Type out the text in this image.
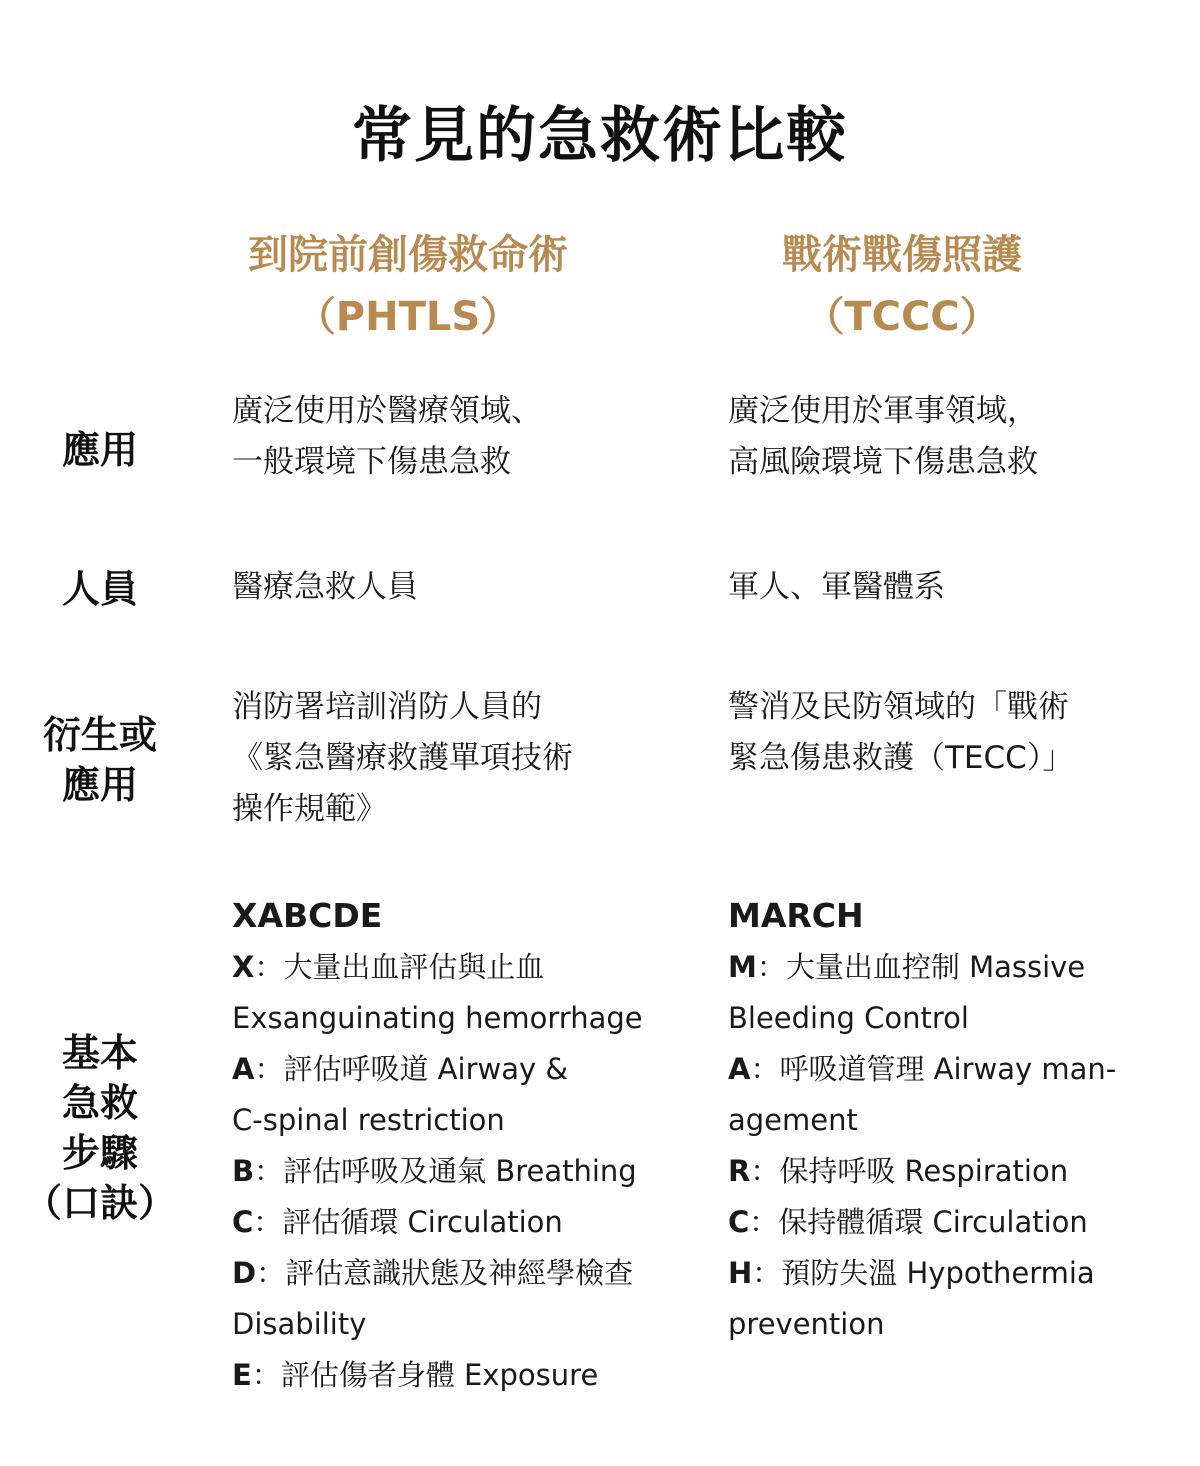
常見的急救術比較
到院前創傷救命術
（PHTLS）
戰術戰傷照護
（TCCC）
應用
廣泛使用於醫療領域、
一般環境下傷患急救
廣泛使用於軍事領域，
高風險環境下傷患急救
人員	醫療急救人員	軍人、軍醫體系
衍生或
應用
消防署培訓消防人員的
《緊急醫療救護單項技術
操作規範》
警消及民防領域的「戰術
緊急傷患救護（TECC）」
基本
急救
步驟
（口訣）
XABCDE
X：大量出血評估與止血
Exsanguinating hemorrhage
A：評估呼吸道 Airway &
C-spinal restriction
B：評估呼吸及通氣 Breathing
C：評估循環 Circulation
D：評估意識狀態及神經學檢查
Disability
E：評估傷者身體 Exposure
MARCH
M：大量出血控制 Massive
Bleeding Control
A：呼吸道管理 Airway man-
agement
R：保持呼吸 Respiration
C：保持體循環 Circulation
H：預防失溫 Hypothermia
prevention
